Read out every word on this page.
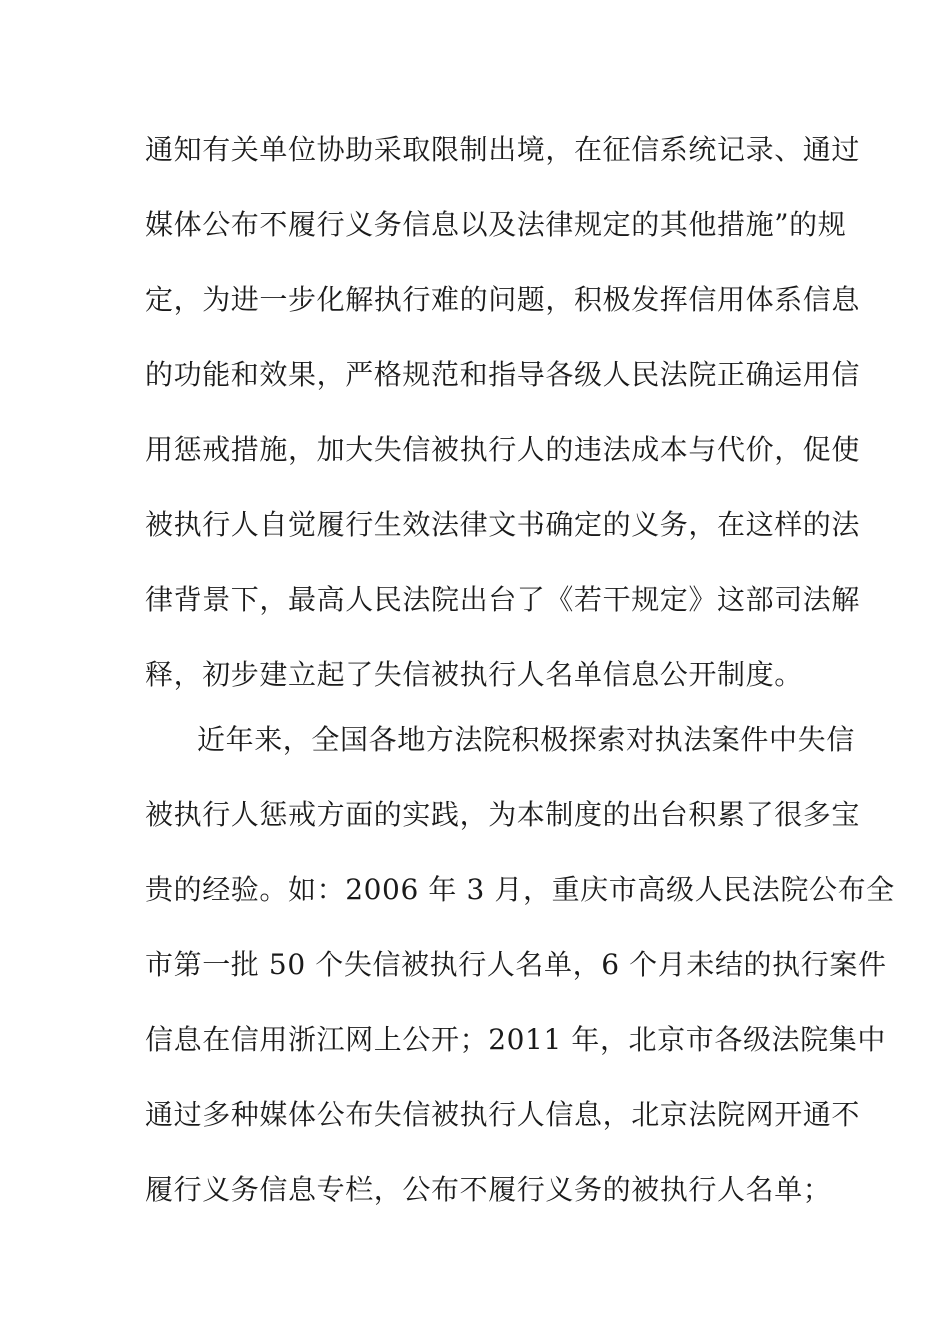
通知有关单位协助采取限制出境，在征信系统记录、通过
媒体公布不履行义务信息以及法律规定的其他措施”的规
定，为进一步化解执行难的问题，积极发挥信用体系信息
的功能和效果，严格规范和指导各级人民法院正确运用信
用惩戒措施，加大失信被执行人的违法成本与代价，促使
被执行人自觉履行生效法律文书确定的义务，在这样的法
律背景下，最高人民法院出台了《若干规定》这部司法解
释，初步建立起了失信被执行人名单信息公开制度。
近年来，全国各地方法院积极探索对执法案件中失信
被执行人惩戒方面的实践，为本制度的出台积累了很多宝
贵的经验。如：2006 年 3 月，重庆市高级人民法院公布全
市第一批 50 个失信被执行人名单，6 个月未结的执行案件
信息在信用浙江网上公开；2011 年，北京市各级法院集中
通过多种媒体公布失信被执行人信息，北京法院网开通不
履行义务信息专栏，公布不履行义务的被执行人名单；
